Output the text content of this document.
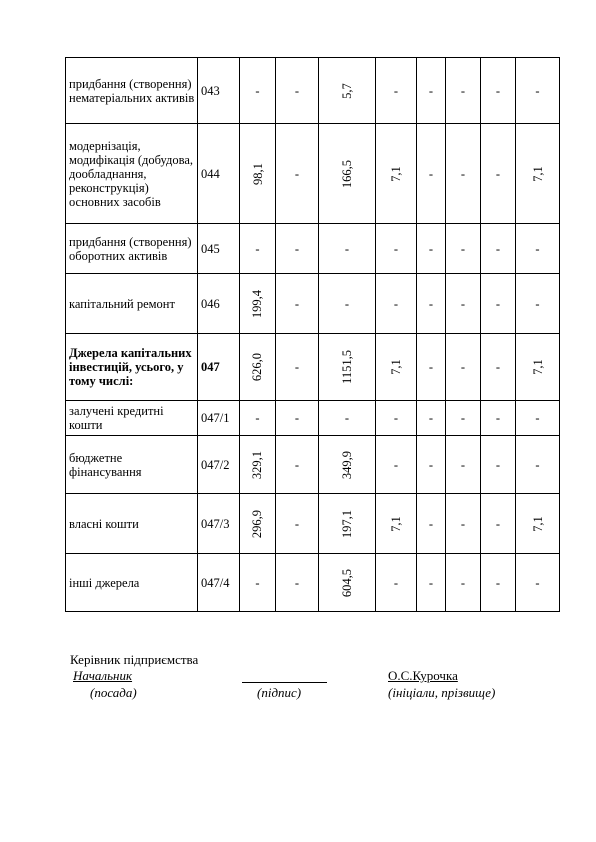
придбання (створення) нематеріальних активів	043	-	-	5,7	-	-	-	-	-
модернізація, модифікація (добудова, дообладнання, реконструкція) основних засобів	044	98,1	-	166,5	7,1	-	-	-	7,1
придбання (створення) оборотних активів	045	-	-	-	-	-	-	-	-
капітальний ремонт	046	199,4	-	-	-	-	-	-	-
Джерела капітальних інвестицій, усього, у тому числі:	047	626,0	-	1151,5	7,1	-	-	-	7,1
залучені кредитні кошти	047/1	-	-	-	-	-	-	-	-
бюджетне фінансування	047/2	329,1	-	349,9	-	-	-	-	-
власні кошти	047/3	296,9	-	197,1	7,1	-	-	-	7,1
інші джерела	047/4	-	-	604,5	-	-	-	-	-
Керівник підприємства
Начальник
(посада)	(підпис)
О.С.Курочка
(ініціали, прізвище)
